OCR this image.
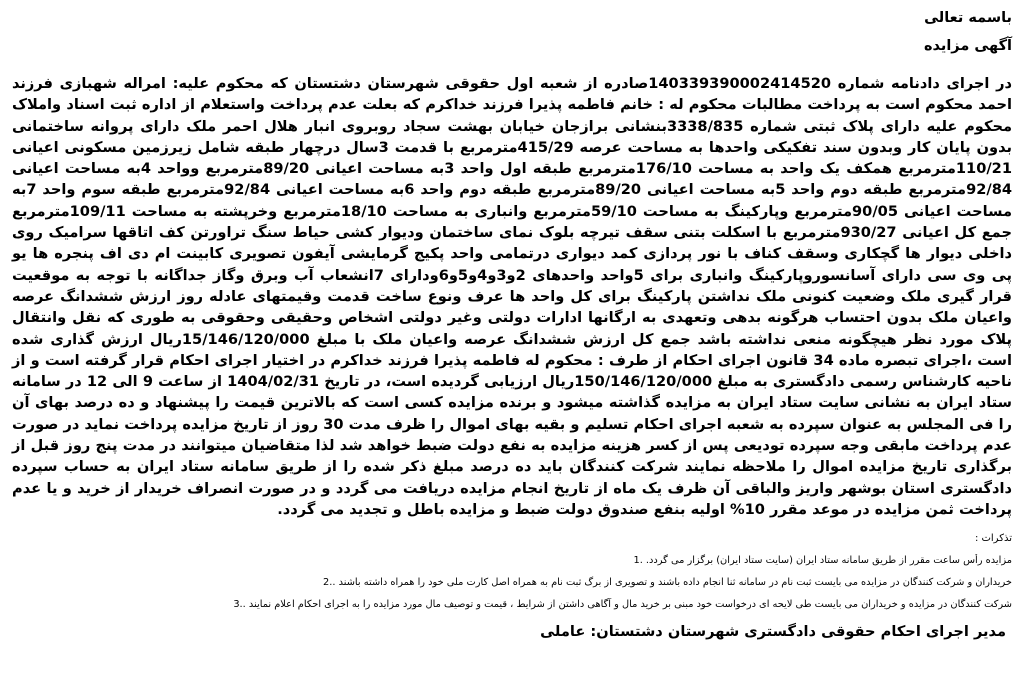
باسمه تعالی

آگهی مزایده

در اجرای دادنامه شماره 140339390002414520صادره از شعبه اول حقوقی شهرستان دشتستان که محکوم علیه: امراله شهبازی فرزند احمد محکوم است به پرداخت مطالبات محکوم له : خانم فاطمه پذیرا فرزند خداکرم که بعلت عدم پرداخت واستعلام از اداره ثبت اسناد واملاک محکوم علیه دارای پلاک ثبتی شماره 3338/835بنشانی برازجان خیابان بهشت سجاد روبروی انبار هلال احمر ملک دارای پروانه ساختمانی بدون پایان کار وبدون سند تفکیکی واحدها به مساحت عرصه 415/29مترمربع با قدمت 3سال درچهار طبقه شامل زیرزمین مسکونی اعیانی 110/21مترمربع همکف یک واحد به مساحت 176/10مترمربع طبقه اول واحد 3به مساحت اعیانی 89/20مترمربع وواحد 4به مساحت اعیانی 92/84مترمربع طبقه دوم واحد 5به مساحت اعیانی 89/20مترمربع طبقه دوم واحد 6به مساحت اعیانی 92/84مترمربع طبقه سوم واحد 7به مساحت اعیانی 90/05مترمربع وپارکینگ به مساحت 59/10مترمربع وانباری به مساحت 18/10مترمربع وخرپشته به مساحت 109/11مترمربع جمع کل اعیانی 930/27مترمربع با اسکلت بتنی سقف تیرچه بلوک نمای ساختمان ودیوار کشی حیاط سنگ تراورتن کف اتاقها سرامیک روی داخلی دیوار ها گچکاری وسقف کناف با نور پردازی کمد دیواری درتمامی واحد پکیج گرمایشی آیفون تصویری کابینت ام دی اف پنجره ها یو پی وی سی دارای آسانسوروپارکینگ وانباری برای 5واحد واحدهای 2و3و4و5و6ودارای 7انشعاب آب وبرق وگاز جداگانه با توجه به موقعیت قرار گیری ملک وضعیت کنونی ملک نداشتن پارکینگ برای کل واحد ها عرف ونوع ساخت قدمت وقیمتهای عادله روز ارزش ششدانگ عرصه واعیان ملک بدون احتساب هرگونه بدهی وتعهدی به ارگانها ادارات دولتی وغیر دولتی اشخاص وحقیقی وحقوقی به طوری که نقل وانتقال پلاک مورد نظر هیچگونه منعی نداشته باشد جمع کل ارزش ششدانگ عرصه واعیان ملک با مبلغ 15/146/120/000ریال ارزش گذاری شده است ،اجرای تبصره ماده 34 قانون اجرای احکام از طرف : محکوم له فاطمه پذیرا فرزند خداکرم در اختیار اجرای احکام قرار گرفته است و از ناحیه کارشناس رسمی دادگستری به مبلغ 150/146/120/000ریال ارزیابی گردیده است، در تاریخ 1404/02/31 از ساعت 9 الی 12 در سامانه ستاد ایران به نشانی سایت ستاد ایران به مزایده گذاشته میشود و برنده مزایده کسی است که بالاترین قیمت را پیشنهاد و ده درصد بهای آن را فی المجلس به عنوان سپرده به شعبه اجرای احکام تسلیم و بقیه بهای اموال را ظرف مدت 30 روز از تاریخ مزایده پرداخت نماید در صورت عدم پرداخت مابقی وجه سپرده تودیعی پس از کسر هزینه مزایده به نفع دولت ضبط خواهد شد لذا متقاضیان میتوانند در مدت پنج روز قبل از برگذاری تاریخ مزایده اموال را ملاحظه نمایند شرکت کنندگان باید ده درصد مبلغ ذکر شده را از طریق سامانه ستاد ایران به حساب سپرده دادگستری استان بوشهر واریز والباقی آن ظرف یک ماه از تاریخ انجام مزایده دریافت می گردد و در صورت انصراف خریدار از خرید و یا عدم پرداخت ثمن مزایده در موعد مقرر 10% اولیه بنفع صندوق دولت ضبط و مزایده باطل و تجدید می گردد.

تذکرات :

مزایده رأس ساعت مقرر از طریق سامانه ستاد ایران (سایت ستاد ایران) برگزار می گردد. .1

خریداران و شرکت کنندگان در مزایده می بایست ثبت نام در سامانه ثنا انجام داده باشند و تصویری از برگ ثبت نام به همراه اصل کارت ملی خود را همراه داشته باشند ..2

شرکت کنندگان در مزایده و خریداران می بایست طی لایحه ای درخواست خود مبنی بر خرید مال و آگاهی داشتن از شرایط ، قیمت و توصیف مال مورد مزایده را به اجرای احکام اعلام نمایند ..3

مدیر اجرای احکام حقوقی دادگستری شهرستان دشتستان: عاملی
